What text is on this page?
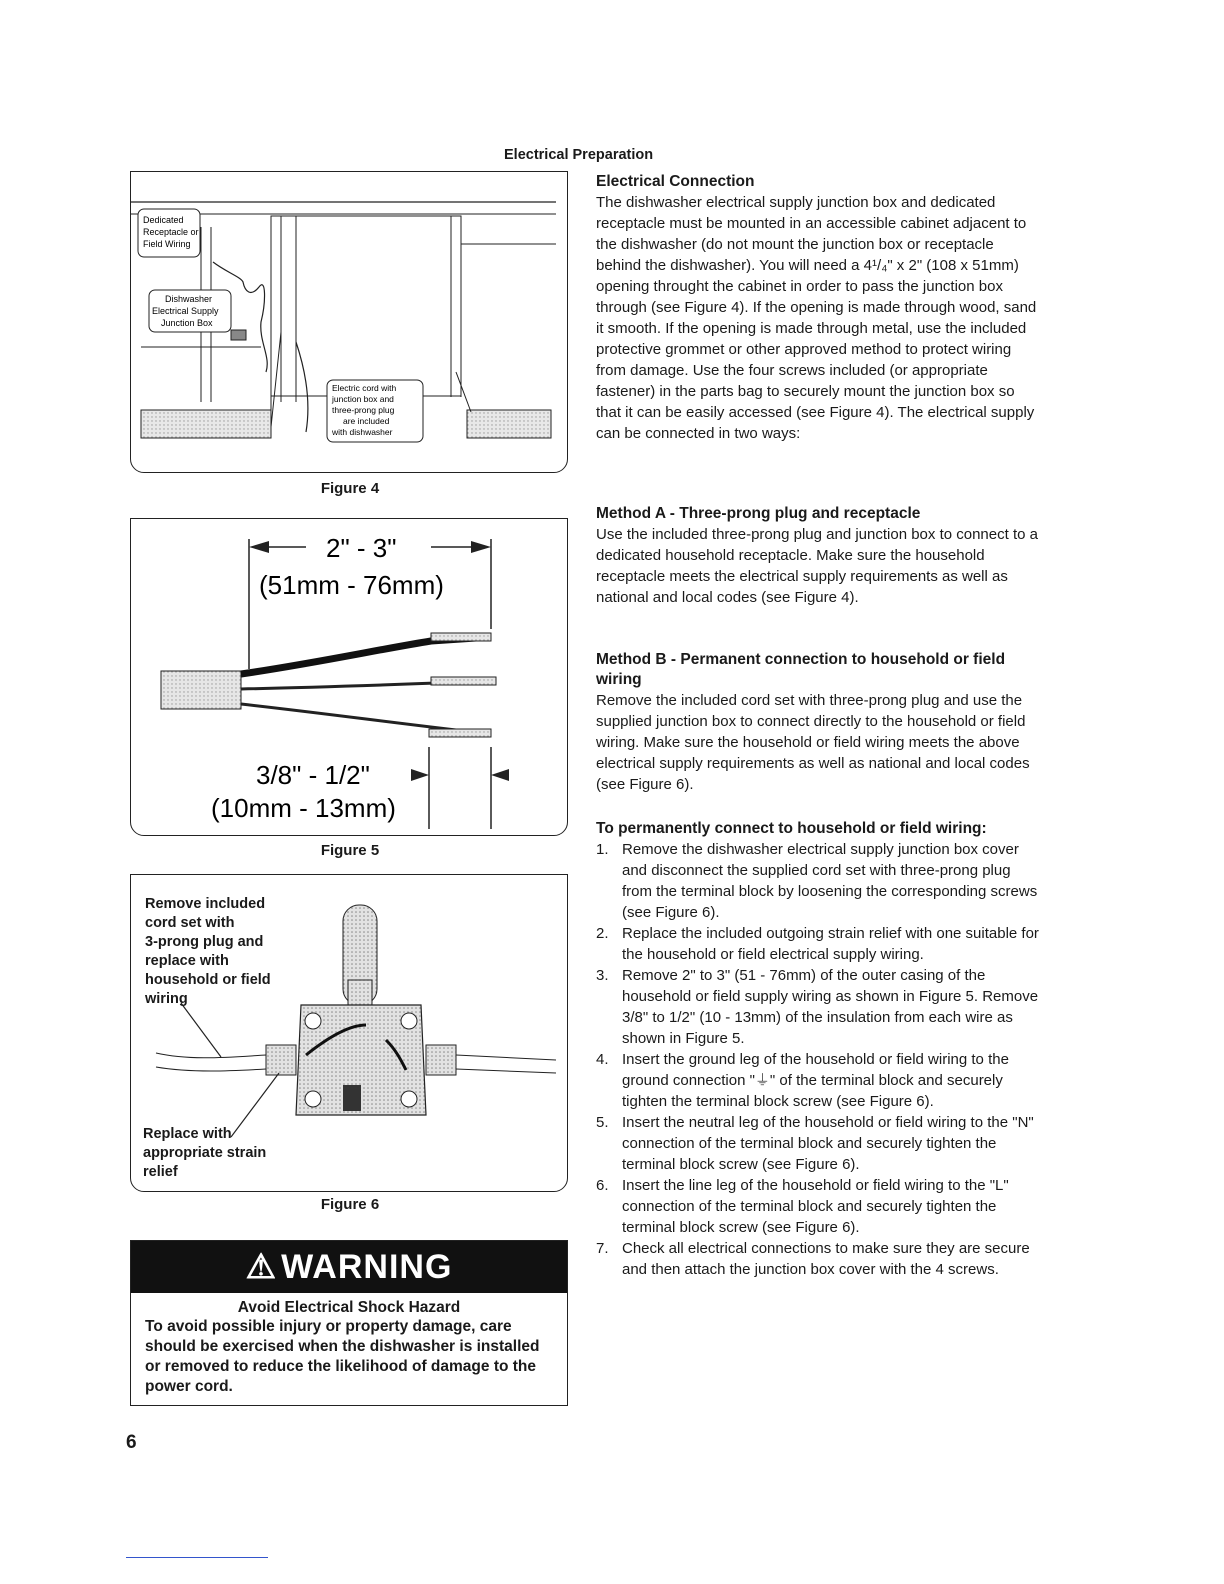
Electrical Preparation
Dedicated
Receptacle or
Field Wiring
Dishwasher
Electrical Supply
Junction Box
Electric cord with
junction box and
three-prong plug
are included
with dishwasher
Figure 4
2" - 3"
(51mm - 76mm)
3/8" - 1/2"
(10mm - 13mm)
Figure 5
Remove included
cord set with
3-prong plug and
replace with
household or field
wiring
Replace with
appropriate strain
relief
Figure 6
⚠ WARNING
Avoid Electrical Shock Hazard
To avoid possible injury or property damage, care should be exercised when the dishwasher is installed or removed to reduce the likelihood of damage to the power cord.
Electrical Connection

The dishwasher electrical supply junction box and dedicated receptacle must be mounted in an accessible cabinet adjacent to the dishwasher (do not mount the junction box or receptacle behind the dishwasher). You will need a 4¹/₄" x 2" (108 x 51mm) opening throught the cabinet in order to pass the junction box through (see Figure 4). If the opening is made through wood, sand it smooth. If the opening is made through metal, use the included protective grommet or other approved method to protect wiring from damage. Use the four screws included (or appropriate fastener) in the parts bag to securely mount the junction box so that it can be easily accessed (see Figure 4). The electrical supply can be connected in two ways:

Method A - Three-prong plug and receptacle

Use the included three-prong plug and junction box to connect to a dedicated household receptacle. Make sure the household receptacle meets the electrical supply requirements as well as national and local codes (see Figure 4).

Method B - Permanent connection to household or field wiring

Remove the included cord set with three-prong plug and use the supplied junction box to connect directly to the household or field wiring. Make sure the household or field wiring meets the above electrical supply requirements as well as national and local codes (see Figure 6).

To permanently connect to household or field wiring:
1. Remove the dishwasher electrical supply junction box cover and disconnect the supplied cord set with three-prong plug from the terminal block by loosening the corresponding screws (see Figure 6).
2. Replace the included outgoing strain relief with one suitable for the household or field electrical supply wiring.
3. Remove 2" to 3" (51 - 76mm) of the outer casing of the household or field supply wiring as shown in Figure 5. Remove 3/8" to 1/2" (10 - 13mm) of the insulation from each wire as shown in Figure 5.
4. Insert the ground leg of the household or field wiring to the ground connection "⏚" of the terminal block and securely tighten the terminal block screw (see Figure 6).
5. Insert the neutral leg of the household or field wiring to the "N" connection of the terminal block and securely tighten the terminal block screw (see Figure 6).
6. Insert the line leg of the household or field wiring to the "L" connection of the terminal block and securely tighten the terminal block screw (see Figure 6).
7. Check all electrical connections to make sure they are secure and then attach the junction box cover with the 4 screws.
6
